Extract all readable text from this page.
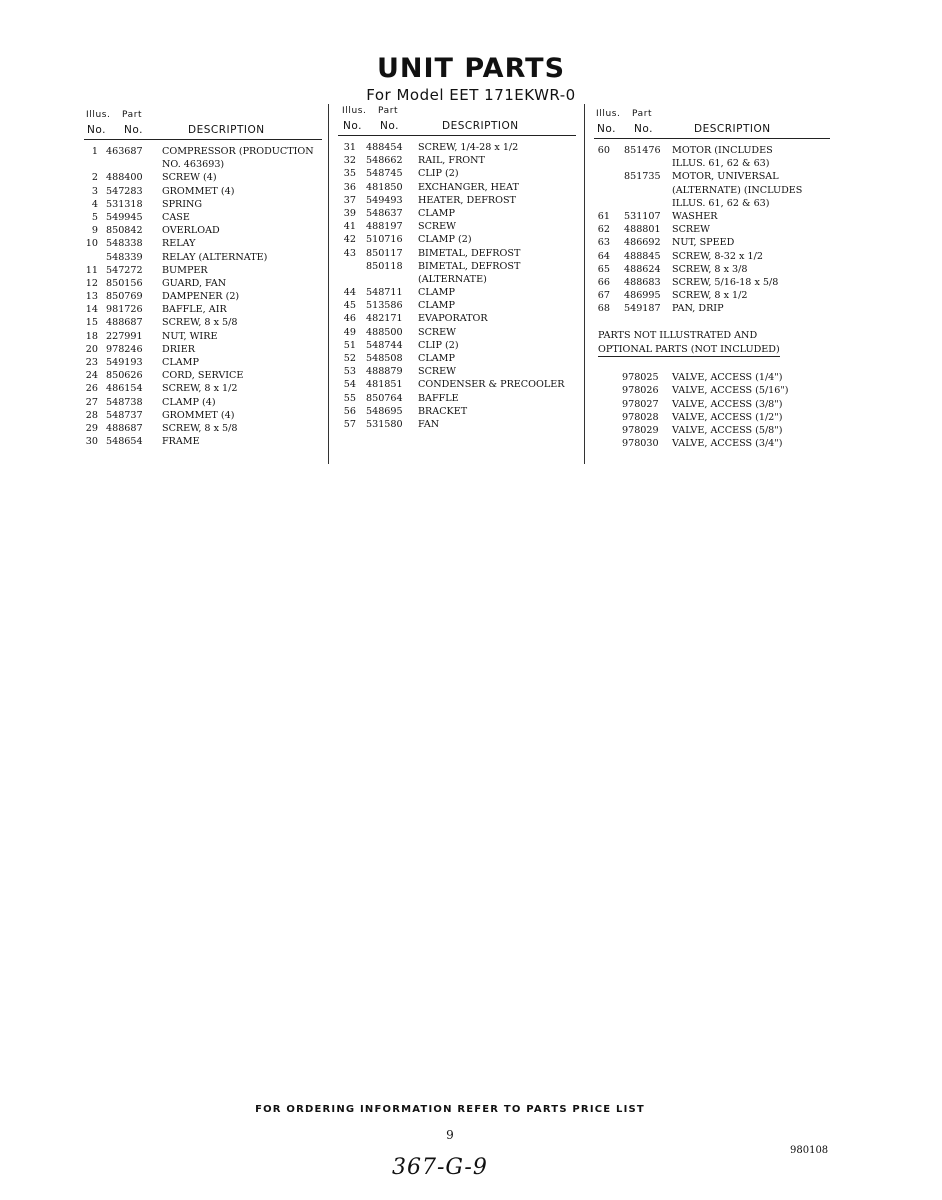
UNIT PARTS
For Model EET 171EKWR-0
Illus. Part
No. No.	DESCRIPTION
1 463687 COMPRESSOR (PRODUCTION
NO. 463693)
2 488400 SCREW (4)
3 547283 GROMMET (4)
4 531318 SPRING
5 549945 CASE
9 850842 OVERLOAD
10 548338 RELAY
548339 RELAY (ALTERNATE)
11 547272 BUMPER
12 850156 GUARD, FAN
13 850769 DAMPENER (2)
14 981726 BAFFLE, AIR
15 488687 SCREW, 8 x 5/8
18 227991 NUT, WIRE
20 978246 DRIER
23 549193 CLAMP
24 850626 CORD, SERVICE
26 486154 SCREW, 8 x 1/2
27 548738 CLAMP (4)
28 548737 GROMMET (4)
29 488687 SCREW, 8 x 5/8
30 548654 FRAME
Illus. Part
No. No.	DESCRIPTION
31 488454 SCREW, 1/4-28 x 1/2
32 548662 RAIL, FRONT
35 548745 CLIP (2)
36 481850 EXCHANGER, HEAT
37 549493 HEATER, DEFROST
39 548637 CLAMP
41 488197 SCREW
42 510716 CLAMP (2)
43 850117 BIMETAL, DEFROST
850118 BIMETAL, DEFROST
(ALTERNATE)
44 548711 CLAMP
45 513586 CLAMP
46 482171 EVAPORATOR
49 488500 SCREW
51 548744 CLIP (2)
52 548508 CLAMP
53 488879 SCREW
54 481851 CONDENSER & PRECOOLER
55 850764 BAFFLE
56 548695 BRACKET
57 531580 FAN
Illus. Part
No. No.	DESCRIPTION
60 851476 MOTOR (INCLUDES
ILLUS. 61, 62 & 63)
851735 MOTOR, UNIVERSAL
(ALTERNATE) (INCLUDES
ILLUS. 61, 62 & 63)
61 531107 WASHER
62 488801 SCREW
63 486692 NUT, SPEED
64 488845 SCREW, 8-32 x 1/2
65 488624 SCREW, 8 x 3/8
66 488683 SCREW, 5/16-18 x 5/8
67 486995 SCREW, 8 x 1/2
68 549187 PAN, DRIP
PARTS NOT ILLUSTRATED AND
OPTIONAL PARTS (NOT INCLUDED)
978025 VALVE, ACCESS (1/4")
978026 VALVE, ACCESS (5/16")
978027 VALVE, ACCESS (3/8")
978028 VALVE, ACCESS (1/2")
978029 VALVE, ACCESS (5/8")
978030 VALVE, ACCESS (3/4")
FOR ORDERING INFORMATION REFER TO PARTS PRICE LIST
9
980108
367-G-9
